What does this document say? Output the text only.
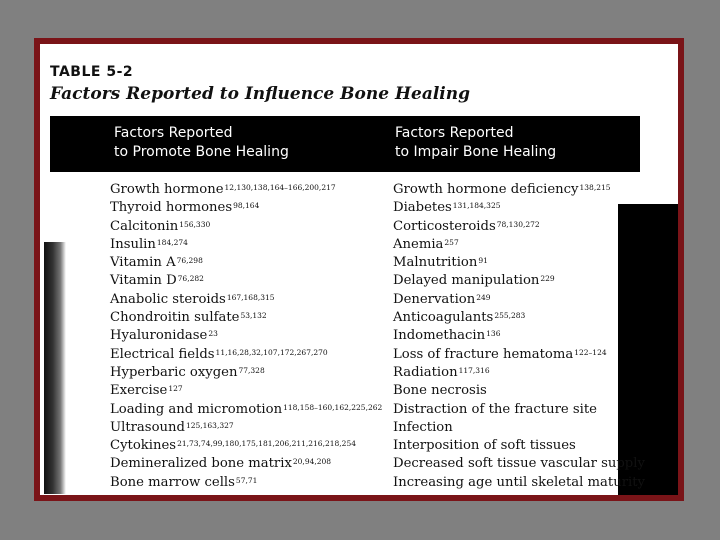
TABLE 5-2
Factors Reported to Influence Bone Healing
Factors Reported
to Promote Bone Healing
Factors Reported
to Impair Bone Healing
Growth hormone$^{12,130,138,164-166,200,217}$
Thyroid hormones$^{98,164}$
Calcitonin$^{156,330}$
Insulin$^{184,274}$
Vitamin A$^{76,298}$
Vitamin D$^{76,282}$
Anabolic steroids$^{167,168,315}$
Chondroitin sulfate$^{53,132}$
Hyaluronidase$^{23}$
Electrical fields$^{11,16,28,32,107,172,267,270}$
Hyperbaric oxygen$^{77,328}$
Exercise$^{127}$
Loading and micromotion$^{118,158-160,162,225,262}$
Ultrasound$^{125,163,327}$
Cytokines$^{21,73,74,99,180,175,181,206,211,216,218,254}$
Demineralized bone matrix$^{20,94,208}$
Bone marrow cells$^{57,71}$
Growth hormone deficiency$^{138,215}$
Diabetes$^{131,184,325}$
Corticosteroids$^{78,130,272}$
Anemia$^{257}$
Malnutrition$^{91}$
Delayed manipulation$^{229}$
Denervation$^{249}$
Anticoagulants$^{255,283}$
Indomethacin$^{136}$
Loss of fracture hematoma$^{122-124}$
Radiation$^{117,316}$
Bone necrosis
Distraction of the fracture site
Infection
Interposition of soft tissues
Decreased soft tissue vascular supply
Increasing age until skeletal maturity
